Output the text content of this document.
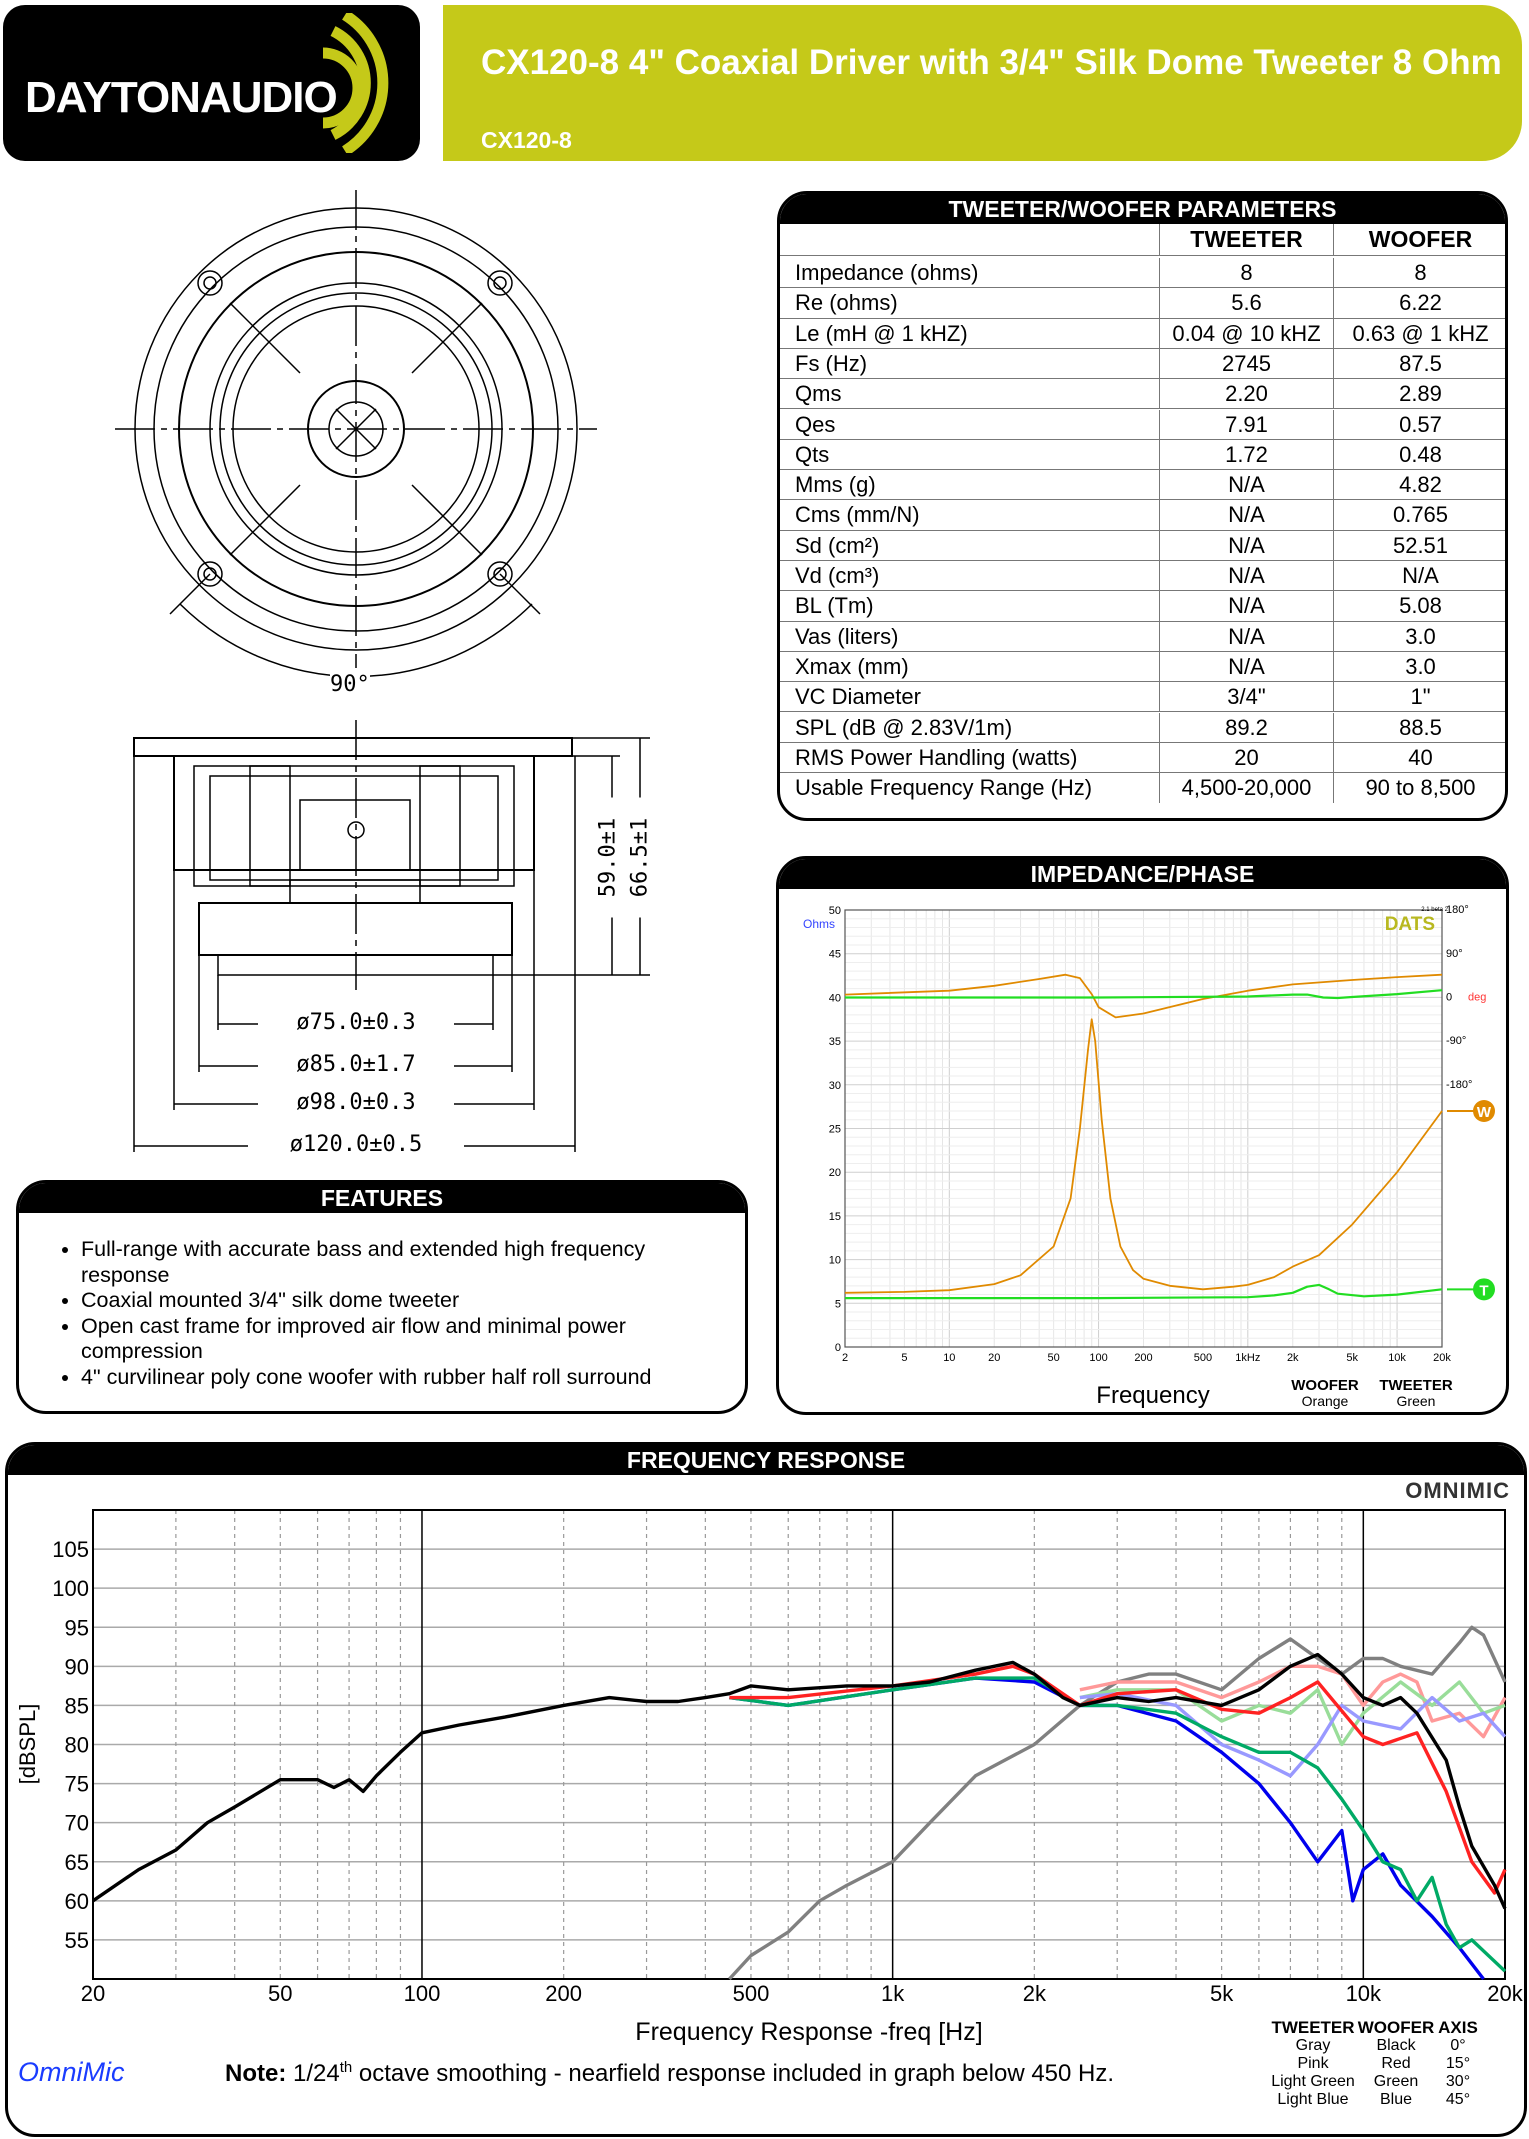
DAYTONAUDIO
CX120-8 4" Coaxial Driver with 3/4" Silk Dome Tweeter 8 Ohm
CX120-8
90°
ø75.0±0.3
ø85.0±1.7
ø98.0±0.3
ø120.0±0.5
59.0±1 66.5±1
TWEETER/WOOFER PARAMETERS
TWEETER	WOOFER
Impedance (ohms)	8	8
Re (ohms)	5.6	6.22
Le (mH @ 1 kHZ)	0.04 @ 10 kHZ	0.63 @ 1 kHZ
Fs (Hz)	2745	87.5
Qms	2.20	2.89
Qes	7.91	0.57
Qts	1.72	0.48
Mms (g)	N/A	4.82
Cms (mm/N)	N/A	0.765
Sd (cm²)	N/A	52.51
Vd (cm³)	N/A	N/A
BL (Tm)	N/A	5.08
Vas (liters)	N/A	3.0
Xmax (mm)	N/A	3.0
VC Diameter	3/4"	1"
SPL (dB @ 2.83V/1m)	89.2	88.5
RMS Power Handling (watts)	20	40
Usable Frequency Range (Hz)	4,500-20,000	90 to 8,500
FEATURES
• Full-range with accurate bass and extended high frequency response
• Coaxial mounted 3/4" silk dome tweeter
• Open cast frame for improved air flow and minimal power compression
• 4" curvilinear poly cone woofer with rubber half roll surround
IMPEDANCE/PHASE
0
5
10
15
20
25
30
35
40
45
50
2	5	10	20	50	100 200	500 1kHz 2k	5k	10k 20k
Ohms
180°
90°
0
-90°
-180°
deg
DATS
2.1 beta 2
Frequency
W
WOOFER
Orange
T
TWEETER
Green
FREQUENCY RESPONSE
55
60
65
70
75
80
85
90
95
100
105
20	50	100	200	500	1k	2k	5k	10k	20k
Frequency Response -freq [Hz]
[dBSPL]
OMNIMIC
OmniMic	Note: 1/24th octave smoothing - nearfield response included in graph below 450 Hz.
TWEETER WOOFER AXIS
Gray	Black	0°
Pink	Red	15°
Light Green	Green	30°
Light Blue	Blue	45°
